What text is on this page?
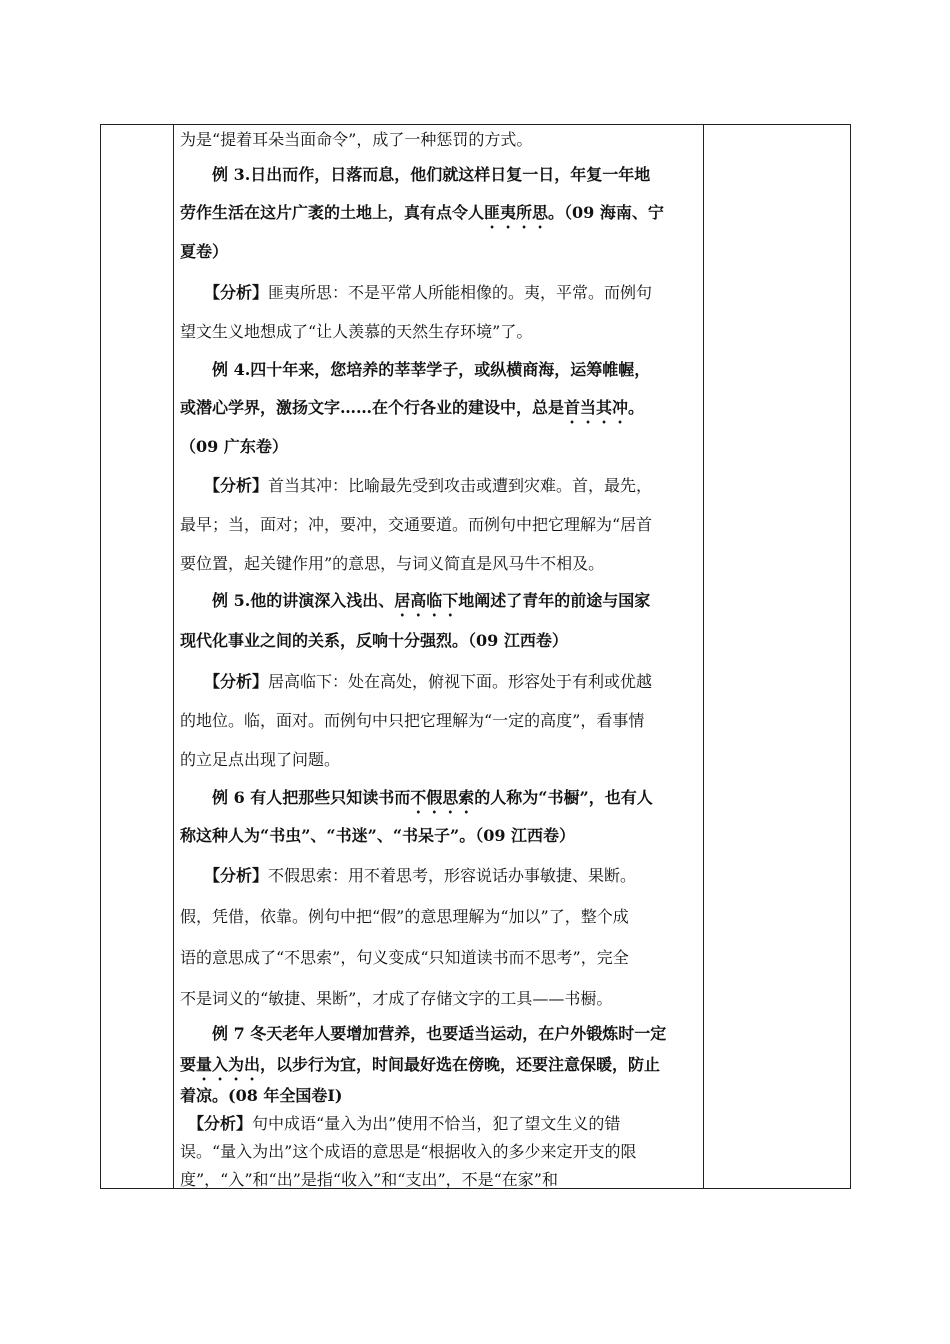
为是“提着耳朵当面命令”，成了一种惩罚的方式。
　　例 3.日出而作，日落而息，他们就这样日复一日，年复一年地
劳作生活在这片广袤的土地上，真有点令人匪夷所思。（09 海南、宁
夏卷）
　　【分析】匪夷所思：不是平常人所能相像的。夷，平常。而例句
望文生义地想成了“让人羡慕的天然生存环境”了。
　　例 4.四十年来，您培养的莘莘学子，或纵横商海，运筹帷幄，
或潜心学界，激扬文字……在个行各业的建设中，总是首当其冲。
（09 广东卷）
　　【分析】首当其冲：比喻最先受到攻击或遭到灾难。首，最先，
最早；当，面对；冲，要冲，交通要道。而例句中把它理解为“居首
要位置，起关键作用”的意思，与词义简直是风马牛不相及。
　　例 5.他的讲演深入浅出、居高临下地阐述了青年的前途与国家
现代化事业之间的关系，反响十分强烈。（09 江西卷）
　　【分析】居高临下：处在高处，俯视下面。形容处于有利或优越
的地位。临，面对。而例句中只把它理解为“一定的高度”，看事情
的立足点出现了问题。
　　例 6 有人把那些只知读书而不假思索的人称为“书橱”，也有人
称这种人为“书虫”、“书迷”、“书呆子”。（09 江西卷）
　　【分析】不假思索：用不着思考，形容说话办事敏捷、果断。
假，凭借，依靠。例句中把“假”的意思理解为“加以”了，整个成
语的意思成了“不思索”，句义变成“只知道读书而不思考”，完全
不是词义的“敏捷、果断”，才成了存储文字的工具——书橱。
　　例 7 冬天老年人要增加营养，也要适当运动，在户外锻炼时一定
要量入为出，以步行为宜，时间最好选在傍晚，还要注意保暖，防止
着凉。(08 年全国卷Ⅰ)
　【分析】句中成语“量入为出”使用不恰当，犯了望文生义的错
误。“量入为出”这个成语的意思是“根据收入的多少来定开支的限
度”，“入”和“出”是指“收入”和“支出”，不是“在家”和
